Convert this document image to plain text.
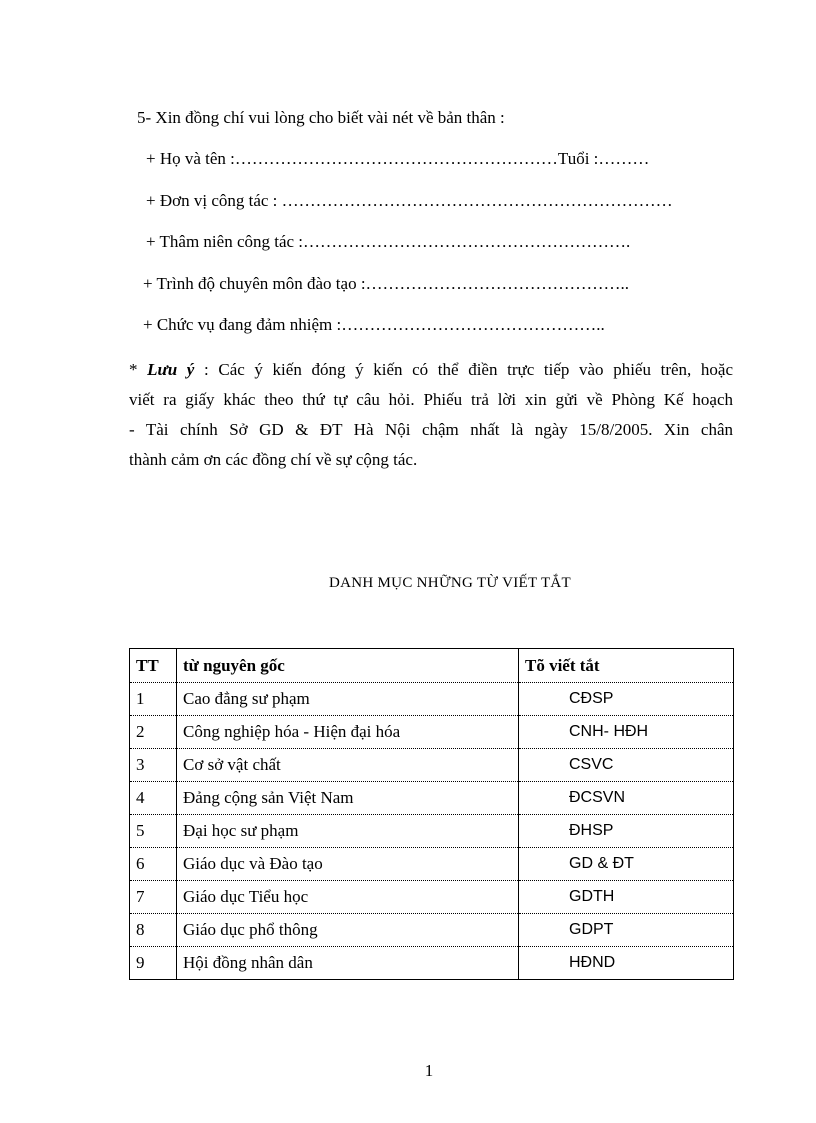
5- Xin đồng chí vui lòng cho biết vài nét về bản thân :
+ Họ và tên :…………………………………………………Tuổi :………
+ Đơn vị công tác : ……………………………………………………………
+ Thâm niên công tác :………………………………………………….
+ Trình độ chuyên môn đào tạo :………………………………………..
+ Chức vụ đang đảm nhiệm :………………………………………..
* Lưu ý : Các ý kiến đóng ý kiến có thể điền trực tiếp vào phiếu trên, hoặc
viết ra giấy khác theo thứ tự câu hỏi. Phiếu trả lời xin gửi về Phòng Kế hoạch
- Tài chính Sở GD & ĐT Hà Nội chậm nhất là ngày 15/8/2005. Xin chân
thành cảm ơn các đồng chí về sự cộng tác.
DANH MỤC NHỮNG TỪ VIẾT TẮT
TT	từ nguyên gốc	Tõ viết tắt
1	Cao đẳng sư phạm	CĐSP
2	Công nghiệp hóa - Hiện đại hóa	CNH- HĐH
3	Cơ sở vật chất	CSVC
4	Đảng cộng sản Việt Nam	ĐCSVN
5	Đại học sư phạm	ĐHSP
6	Giáo dục và Đào tạo	GD & ĐT
7	Giáo dục Tiểu học	GDTH
8	Giáo dục phổ thông	GDPT
9	Hội đồng nhân dân	HĐND
1
